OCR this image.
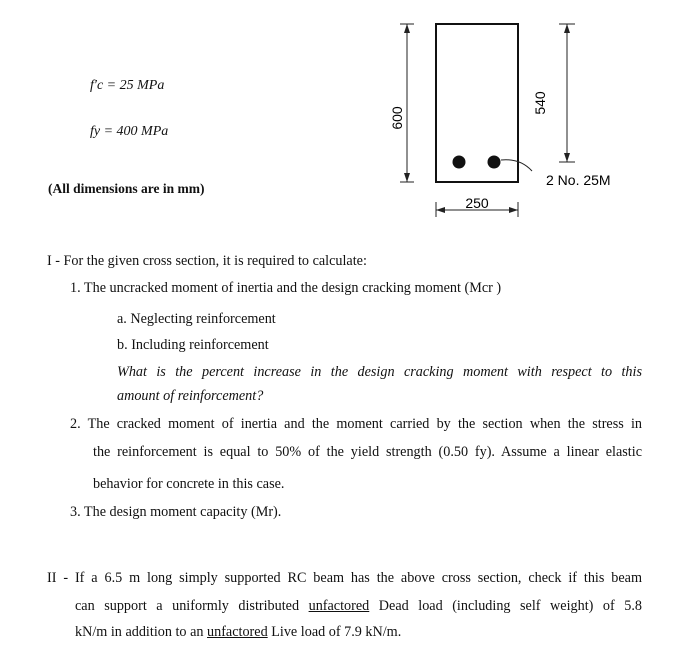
f′c = 25 MPa
fy = 400 MPa
(All dimensions are in mm)
600
2 No. 25M
540
250
I - For the given cross section, it is required to calculate:
1. The uncracked moment of inertia and the design cracking moment (Mcr )
a. Neglecting reinforcement
b. Including reinforcement
What is the percent increase in the design cracking moment with respect to this
amount of reinforcement?
2. The cracked moment of inertia and the moment carried by the section when the stress in
the reinforcement is equal to 50% of the yield strength (0.50 fy). Assume a linear elastic
behavior for concrete in this case.
3. The design moment capacity (Mr).
II - If a 6.5 m long simply supported RC beam has the above cross section, check if this beam
can support a uniformly distributed unfactored Dead load (including self weight) of 5.8
kN/m in addition to an unfactored Live load of 7.9 kN/m.
